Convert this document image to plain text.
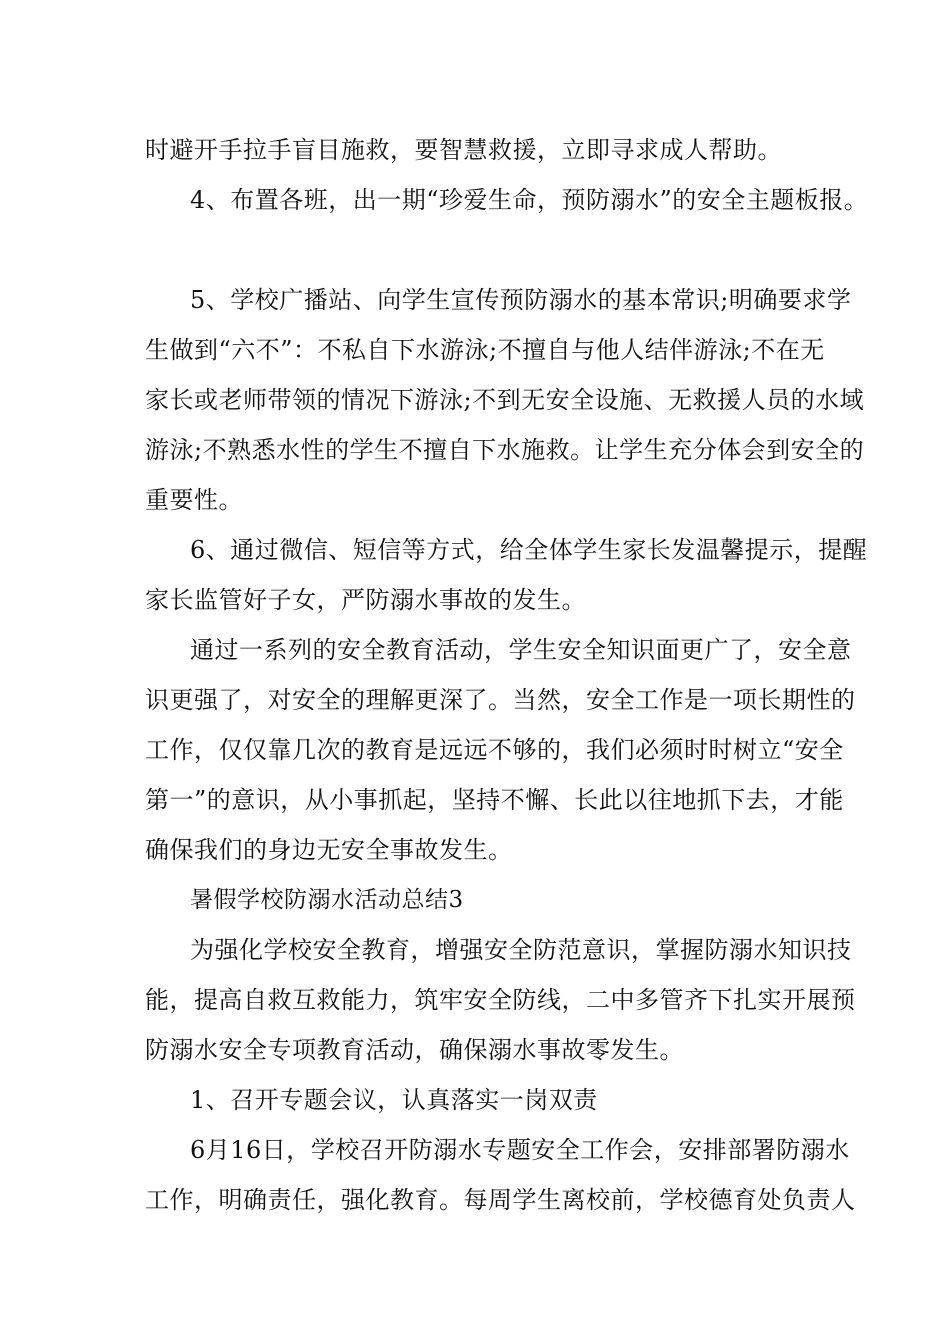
时避开手拉手盲目施救，要智慧救援，立即寻求成人帮助。
4、布置各班，出一期“珍爱生命，预防溺水”的安全主题板报。
5、学校广播站、向学生宣传预防溺水的基本常识;明确要求学
生做到“六不”：不私自下水游泳;不擅自与他人结伴游泳;不在无
家长或老师带领的情况下游泳;不到无安全设施、无救援人员的水域
游泳;不熟悉水性的学生不擅自下水施救。让学生充分体会到安全的
重要性。
6、通过微信、短信等方式，给全体学生家长发温馨提示，提醒
家长监管好子女，严防溺水事故的发生。
通过一系列的安全教育活动，学生安全知识面更广了，安全意
识更强了，对安全的理解更深了。当然，安全工作是一项长期性的
工作，仅仅靠几次的教育是远远不够的，我们必须时时树立“安全
第一”的意识，从小事抓起，坚持不懈、长此以往地抓下去，才能
确保我们的身边无安全事故发生。
暑假学校防溺水活动总结3
为强化学校安全教育，增强安全防范意识，掌握防溺水知识技
能，提高自救互救能力，筑牢安全防线，二中多管齐下扎实开展预
防溺水安全专项教育活动，确保溺水事故零发生。
1、召开专题会议，认真落实一岗双责
6月16日，学校召开防溺水专题安全工作会，安排部署防溺水
工作，明确责任，强化教育。每周学生离校前，学校德育处负责人
